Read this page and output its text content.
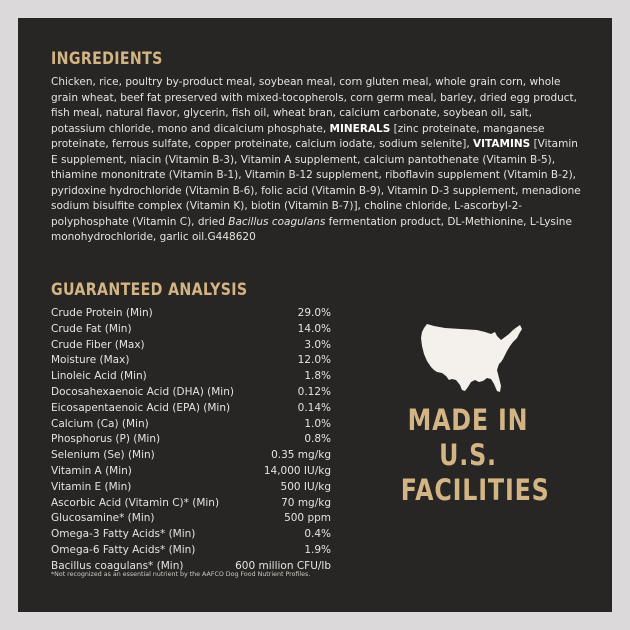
INGREDIENTS
Chicken, rice, poultry by-product meal, soybean meal, corn gluten meal, whole grain corn, whole grain wheat, beef fat preserved with mixed-tocopherols, corn germ meal, barley, dried egg product, fish meal, natural flavor, glycerin, fish oil, wheat bran, calcium carbonate, soybean oil, salt, potassium chloride, mono and dicalcium phosphate, MINERALS [zinc proteinate, manganese proteinate, ferrous sulfate, copper proteinate, calcium iodate, sodium selenite], VITAMINS [Vitamin E supplement, niacin (Vitamin B-3), Vitamin A supplement, calcium pantothenate (Vitamin B-5), thiamine mononitrate (Vitamin B-1), Vitamin B-12 supplement, riboflavin supplement (Vitamin B-2), pyridoxine hydrochloride (Vitamin B-6), folic acid (Vitamin B-9), Vitamin D-3 supplement, menadione sodium bisulfite complex (Vitamin K), biotin (Vitamin B-7)], choline chloride, L-ascorbyl-2-polyphosphate (Vitamin C), dried Bacillus coagulans fermentation product, DL-Methionine, L-Lysine monohydrochloride, garlic oil.G448620
GUARANTEED ANALYSIS
Crude Protein (Min)	29.0%
Crude Fat (Min)	14.0%
Crude Fiber (Max)	3.0%
Moisture (Max)	12.0%
Linoleic Acid (Min)	1.8%
Docosahexaenoic Acid (DHA) (Min)	0.12%
Eicosapentaenoic Acid (EPA) (Min)	0.14%
Calcium (Ca) (Min)	1.0%
Phosphorus (P) (Min)	0.8%
Selenium (Se) (Min)	0.35 mg/kg
Vitamin A (Min)	14,000 IU/kg
Vitamin E (Min)	500 IU/kg
Ascorbic Acid (Vitamin C)* (Min)	70 mg/kg
Glucosamine* (Min)	500 ppm
Omega-3 Fatty Acids* (Min)	0.4%
Omega-6 Fatty Acids* (Min)	1.9%
Bacillus coagulans* (Min)	600 million CFU/lb
*Not recognized as an essential nutrient by the AAFCO Dog Food Nutrient Profiles.
MADE IN
U.S.
FACILITIES
